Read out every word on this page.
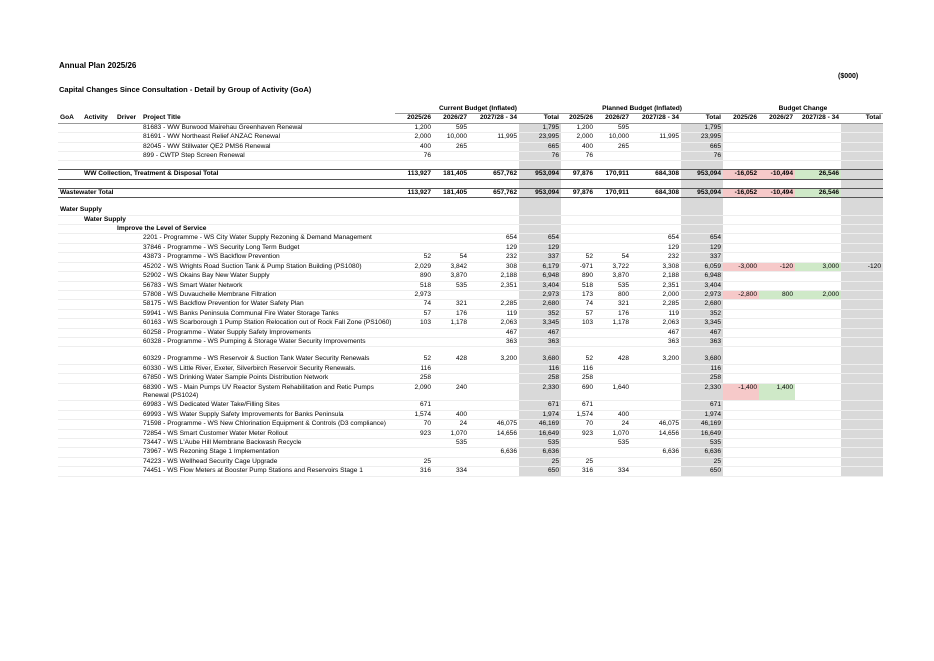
Annual Plan 2025/26
Capital Changes Since Consultation - Detail by Group of Activity (GoA)
($000)
				Current Budget (Inflated)				Planned Budget (Inflated)				Budget Change			
GoA	Activity	Driver	Project Title	2025/26	2026/27	2027/28 - 34	Total	2025/26	2026/27	2027/28 - 34	Total	2025/26	2026/27	2027/28 - 34	Total
			81683 - WW Burwood Mairehau Greenhaven Renewal	1,200	595		1,795	1,200	595		1,795				
			81691 - WW Northeast Relief ANZAC Renewal	2,000	10,000	11,995	23,995	2,000	10,000	11,995	23,995				
			82045 - WW Stillwater QE2 PMS6 Renewal	400	265		665	400	265		665				
			899 - CWTP Step Screen Renewal	76			76	76			76				

	WW Collection, Treatment & Disposal Total			113,927	181,405	657,762	953,094	97,876	170,911	684,308	953,094	-16,052	-10,494	26,546	

Wastewater Total				113,927	181,405	657,762	953,094	97,876	170,911	684,308	953,094	-16,052	-10,494	26,546	

Water Supply															
	Water Supply														
		Improve the Level of Service													
			2201 - Programme - WS City Water Supply Rezoning & Demand Management			654	654			654	654				
			37846 - Programme - WS Security Long Term Budget			129	129			129	129				
			43873 - Programme - WS Backflow Prevention	52	54	232	337	52	54	232	337				
			45202 - WS Wrights Road Suction Tank & Pump Station Building (PS1080)	2,029	3,842	308	6,179	-971	3,722	3,308	6,059	-3,000	-120	3,000	-120
			52902 - WS Okains Bay New Water Supply	890	3,870	2,188	6,948	890	3,870	2,188	6,948				
			56783 - WS Smart Water Network	518	535	2,351	3,404	518	535	2,351	3,404				
			57808 - WS Duvauchelle Membrane Filtration	2,973			2,973	173	800	2,000	2,973	-2,800	800	2,000	
			58175 - WS Backflow Prevention for Water Safety Plan	74	321	2,285	2,680	74	321	2,285	2,680				
			59941 - WS Banks Peninsula Communal Fire Water Storage Tanks	57	176	119	352	57	176	119	352				
			60163 - WS Scarborough 1 Pump Station Relocation out of Rock Fall Zone (PS1060)	103	1,178	2,063	3,345	103	1,178	2,063	3,345				
			60258 - Programme - Water Supply Safety Improvements			467	467			467	467				
			60328 - Programme - WS Pumping & Storage Water Security Improvements			363	363			363	363				

			60329 - Programme - WS Reservoir & Suction Tank Water Security Renewals	52	428	3,200	3,680	52	428	3,200	3,680				
			60330 - WS Little River, Exeter, Silverbirch Reservoir Security Renewals.	116			116	116			116				
			67850 - WS Drinking Water Sample Points Distribution Network	258			258	258			258				
			68390 - WS - Main Pumps UV Reactor System Rehabilitation and Retic Pumps Renewal (PS1024)	2,090	240		2,330	690	1,640		2,330	-1,400	1,400		
			69983 - WS Dedicated Water Take/Filling Sites	671			671	671			671				
			69993 - WS Water Supply Safety Improvements for Banks Peninsula	1,574	400		1,974	1,574	400		1,974				
			71598 - Programme - WS New Chlorination Equipment & Controls (D3 compliance)	70	24	46,075	46,169	70	24	46,075	46,169				
			72854 - WS Smart Customer Water Meter Rollout	923	1,070	14,656	16,649	923	1,070	14,656	16,649				
			73447 - WS L'Aube Hill Membrane Backwash Recycle		535		535		535		535				
			73967 - WS Rezoning Stage 1 Implementation			6,636	6,636			6,636	6,636				
			74223 - WS Wellhead Security Cage Upgrade	25			25	25			25				
			74451 - WS Flow Meters at Booster Pump Stations and Reservoirs Stage 1	316	334		650	316	334		650				
